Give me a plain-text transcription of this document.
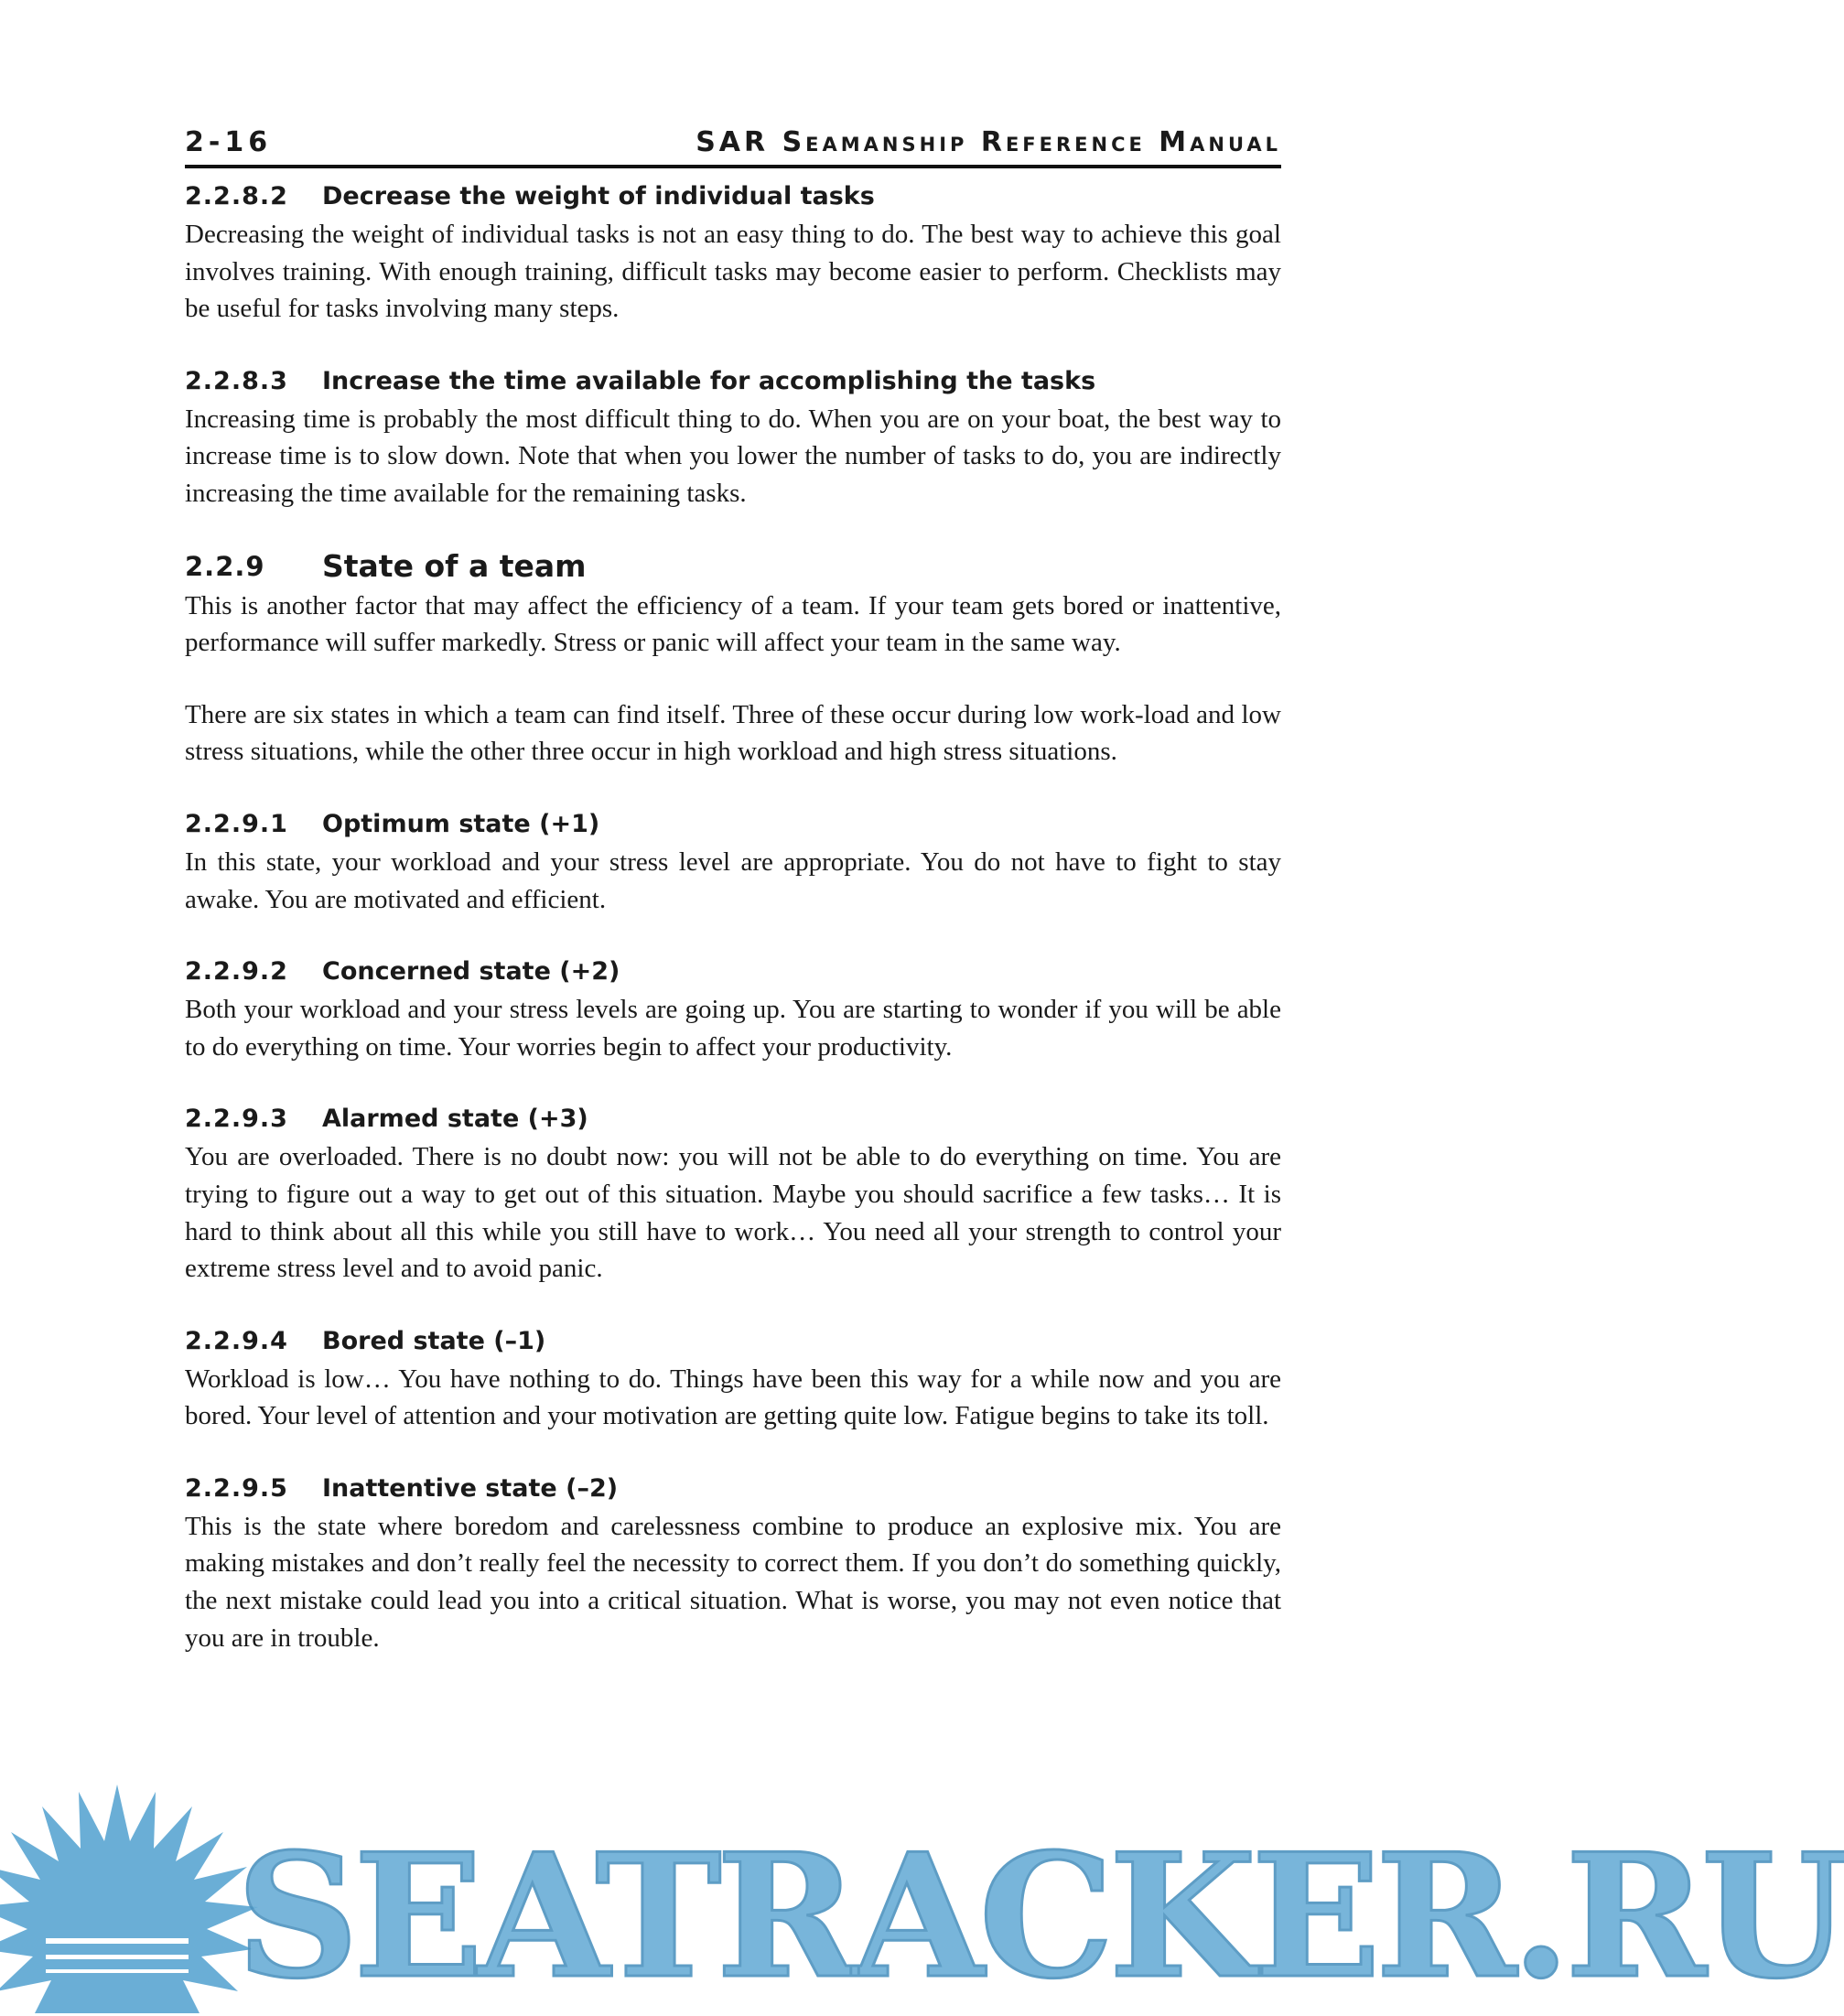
2-16	SAR Seamanship Reference Manual
2.2.8.2	Decrease the weight of individual tasks

Decreasing the weight of individual tasks is not an easy thing to do. The best way to achieve this goal involves training. With enough training, difficult tasks may become easier to perform. Checklists may be useful for tasks involving many steps.

2.2.8.3	Increase the time available for accomplishing the tasks

Increasing time is probably the most difficult thing to do. When you are on your boat, the best way to increase time is to slow down. Note that when you lower the number of tasks to do, you are indirectly increasing the time available for the remaining tasks.

2.2.9	State of a team

This is another factor that may affect the efficiency of a team. If your team gets bored or inattentive, performance will suffer markedly. Stress or panic will affect your team in the same way.

There are six states in which a team can find itself. Three of these occur during low work-load and low stress situations, while the other three occur in high workload and high stress situations.

2.2.9.1	Optimum state (+1)

In this state, your workload and your stress level are appropriate. You do not have to fight to stay awake. You are motivated and efficient.

2.2.9.2	Concerned state (+2)

Both your workload and your stress levels are going up. You are starting to wonder if you will be able to do everything on time. Your worries begin to affect your productivity.

2.2.9.3	Alarmed state (+3)

You are overloaded. There is no doubt now: you will not be able to do everything on time. You are trying to figure out a way to get out of this situation. Maybe you should sacrifice a few tasks… It is hard to think about all this while you still have to work… You need all your strength to control your extreme stress level and to avoid panic.

2.2.9.4	Bored state (–1)

Workload is low… You have nothing to do. Things have been this way for a while now and you are bored. Your level of attention and your motivation are getting quite low. Fatigue begins to take its toll.

2.2.9.5	Inattentive state (–2)

This is the state where boredom and carelessness combine to produce an explosive mix. You are making mistakes and don’t really feel the necessity to correct them. If you don’t do something quickly, the next mistake could lead you into a critical situation. What is worse, you may not even notice that you are in trouble.

SEATRACKER.RU
